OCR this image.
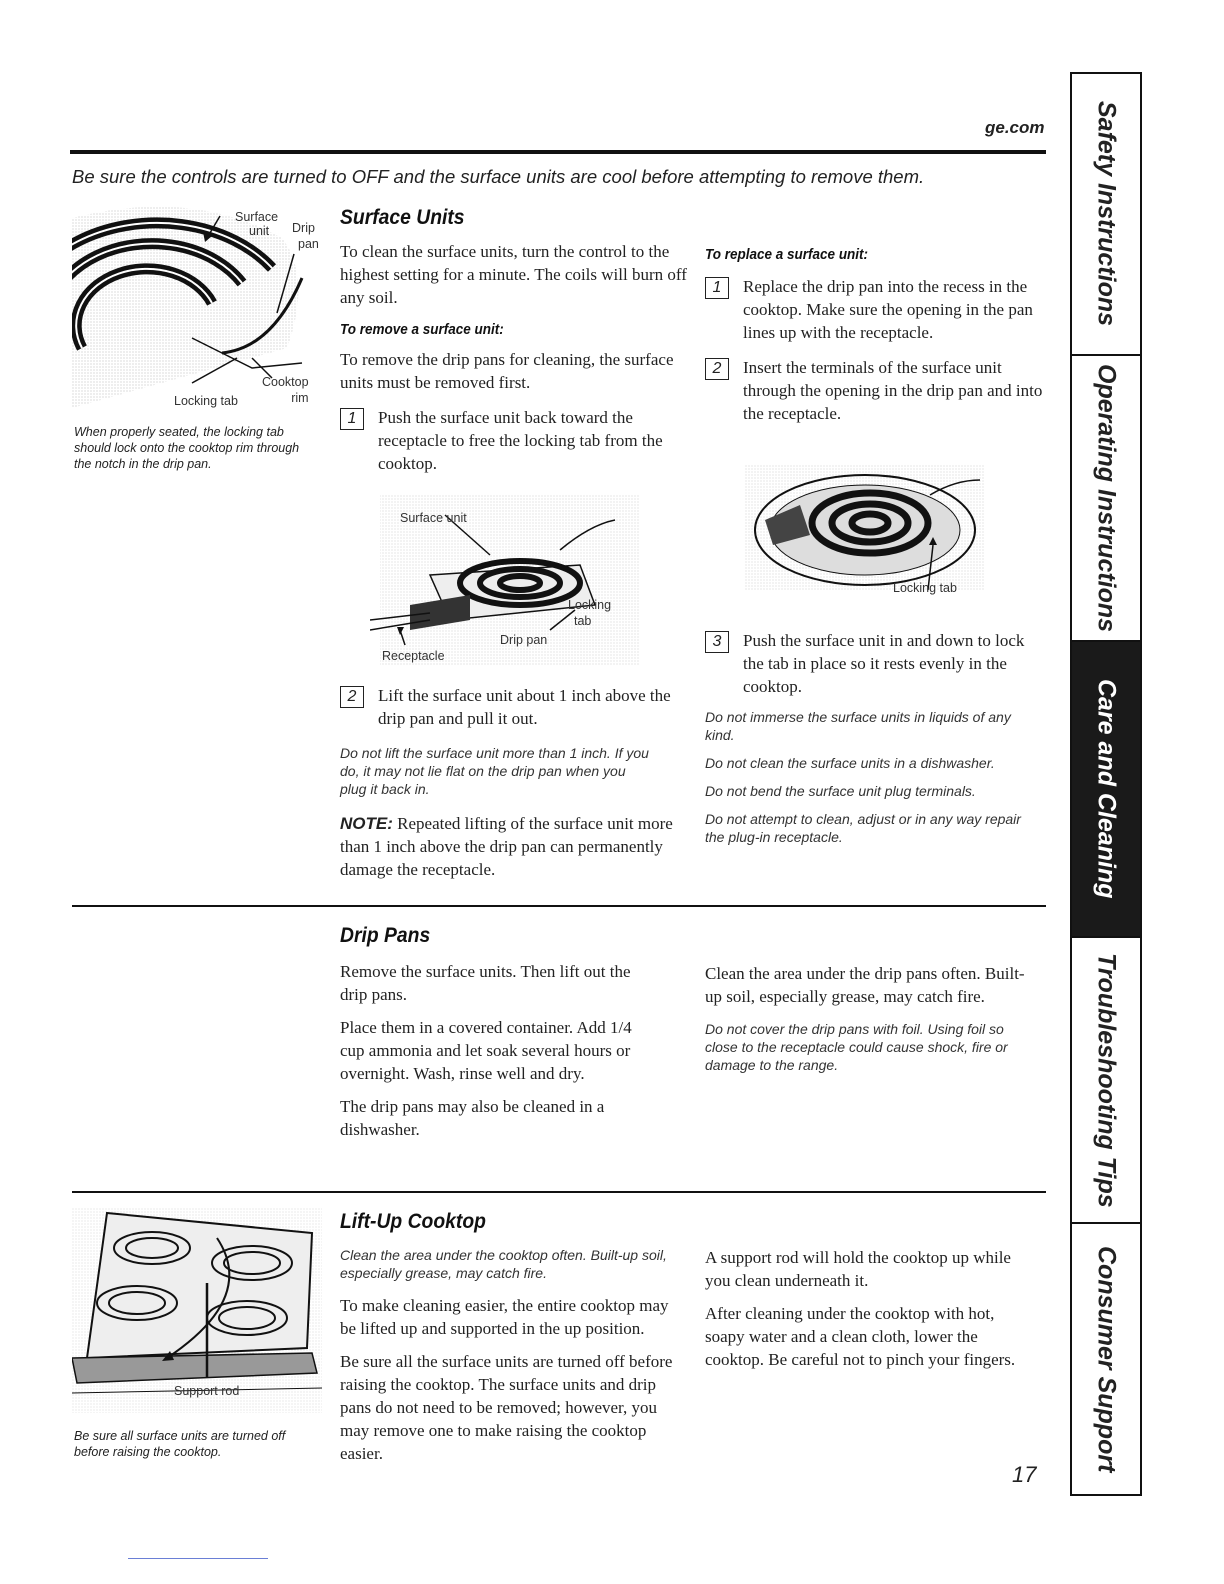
ge.com
Be sure the controls are turned to OFF and the surface units are cool before attempting to remove them.
Surface
unit	Drip
pan
Cooktop
rim
Locking tab
When properly seated, the locking tab should lock onto the cooktop rim through the notch in the drip pan.
Surface Units

To clean the surface units, turn the control to the highest setting for a minute. The coils will burn off any soil.

To remove a surface unit:

To remove the drip pans for cleaning, the surface units must be removed first.

1	Push the surface unit back toward the receptacle to free the locking tab from the cooktop.

Surface unit
Locking
tab
Drip pan
Receptacle
2	Lift the surface unit about 1 inch above the drip pan and pull it out.

Do not lift the surface unit more than 1 inch. If you do, it may not lie flat on the drip pan when you plug it back in.

NOTE: Repeated lifting of the surface unit more than 1 inch above the drip pan can permanently damage the receptacle.

To replace a surface unit:
1	Replace the drip pan into the recess in the cooktop. Make sure the opening in the pan lines up with the receptacle.

2	Insert the terminals of the surface unit through the opening in the drip pan and into the receptacle.

Locking tab
3	Push the surface unit in and down to lock the tab in place so it rests evenly in the cooktop.

Do not immerse the surface units in liquids of any kind.

Do not clean the surface units in a dishwasher.

Do not bend the surface unit plug terminals.

Do not attempt to clean, adjust or in any way repair the plug-in receptacle.

Drip Pans

Remove the surface units. Then lift out the drip pans.

Place them in a covered container. Add 1/4 cup ammonia and let soak several hours or overnight. Wash, rinse well and dry.

The drip pans may also be cleaned in a dishwasher.

Clean the area under the drip pans often. Built-up soil, especially grease, may catch fire.

Do not cover the drip pans with foil. Using foil so close to the receptacle could cause shock, fire or damage to the range.

Support rod
Be sure all surface units are turned off before raising the cooktop.
Lift-Up Cooktop

Clean the area under the cooktop often. Built-up soil, especially grease, may catch fire.

To make cleaning easier, the entire cooktop may be lifted up and supported in the up position.

Be sure all the surface units are turned off before raising the cooktop. The surface units and drip pans do not need to be removed; however, you may remove one to make raising the cooktop easier.

A support rod will hold the cooktop up while you clean underneath it.

After cleaning under the cooktop with hot, soapy water and a clean cloth, lower the cooktop. Be careful not to pinch your fingers.

Safety Instructions
Operating Instructions
Care and Cleaning
Troubleshooting Tips
Consumer Support
17
